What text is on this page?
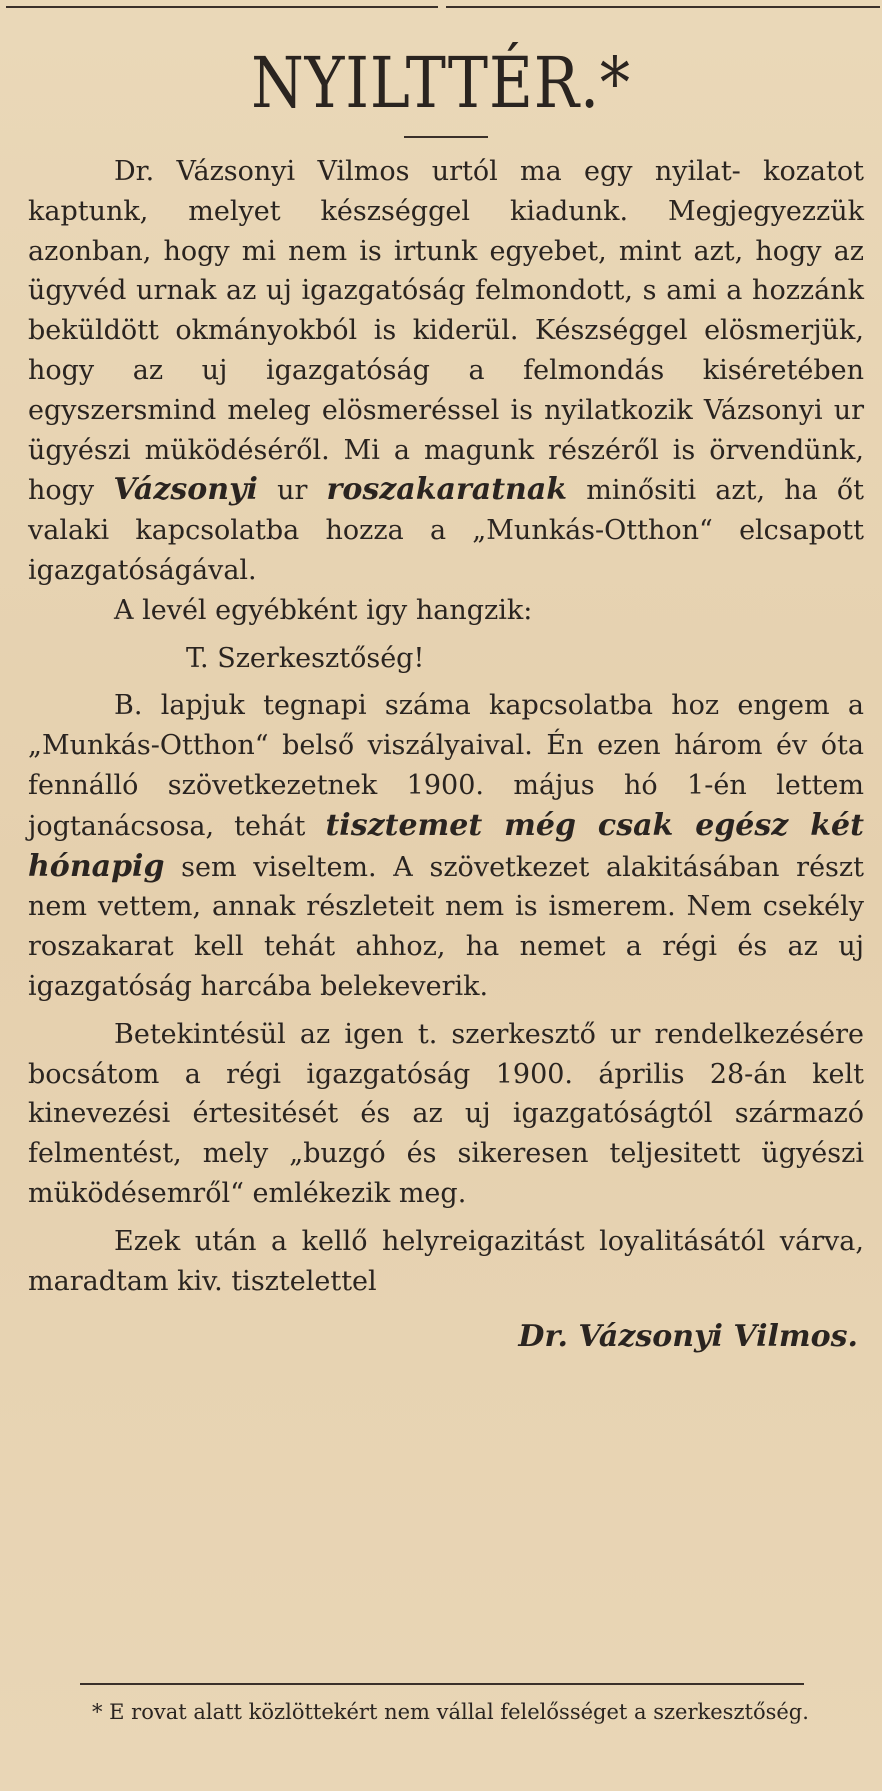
NYILTTÉR.*

Dr. Vázsonyi Vilmos urtól ma egy nyilat- kozatot kaptunk, melyet készséggel kiadunk. Megjegyezzük azonban, hogy mi nem is irtunk egyebet, mint azt, hogy az ügyvéd urnak az uj igazgatóság felmondott, s ami a hozzánk beküldött okmányokból is kiderül. Készséggel elösmerjük, hogy az uj igazgatóság a felmondás kiséretében egyszersmind meleg elösmeréssel is nyilatkozik Vázsonyi ur ügyészi müködéséről. Mi a magunk részéről is örvendünk, hogy Vázsonyi ur roszakaratnak minősiti azt, ha őt valaki kapcsolatba hozza a „Munkás-Otthon“ elcsapott igazgatóságával.

A levél egyébként igy hangzik:

T. Szerkesztőség!

B. lapjuk tegnapi száma kapcsolatba hoz engem a „Munkás-Otthon“ belső viszályaival. Én ezen három év óta fennálló szövetkezetnek 1900. május hó 1-én lettem jogtanácsosa, tehát tisztemet még csak egész két hónapig sem viseltem. A szövetkezet alakitásában részt nem vettem, annak részleteit nem is ismerem. Nem csekély roszakarat kell tehát ahhoz, ha nemet a régi és az uj igazgatóság harcába belekeverik.

Betekintésül az igen t. szerkesztő ur rendelkezésére bocsátom a régi igazgatóság 1900. április 28-án kelt kinevezési értesitését és az uj igazgatóságtól származó felmentést, mely „buzgó és sikeresen teljesitett ügyészi müködésemről“ emlékezik meg.

Ezek után a kellő helyreigazitást loyalitásától várva, maradtam kiv. tisztelettel

Dr. Vázsonyi Vilmos.

* E rovat alatt közlöttekért nem vállal felelősséget a szerkesztőség.
